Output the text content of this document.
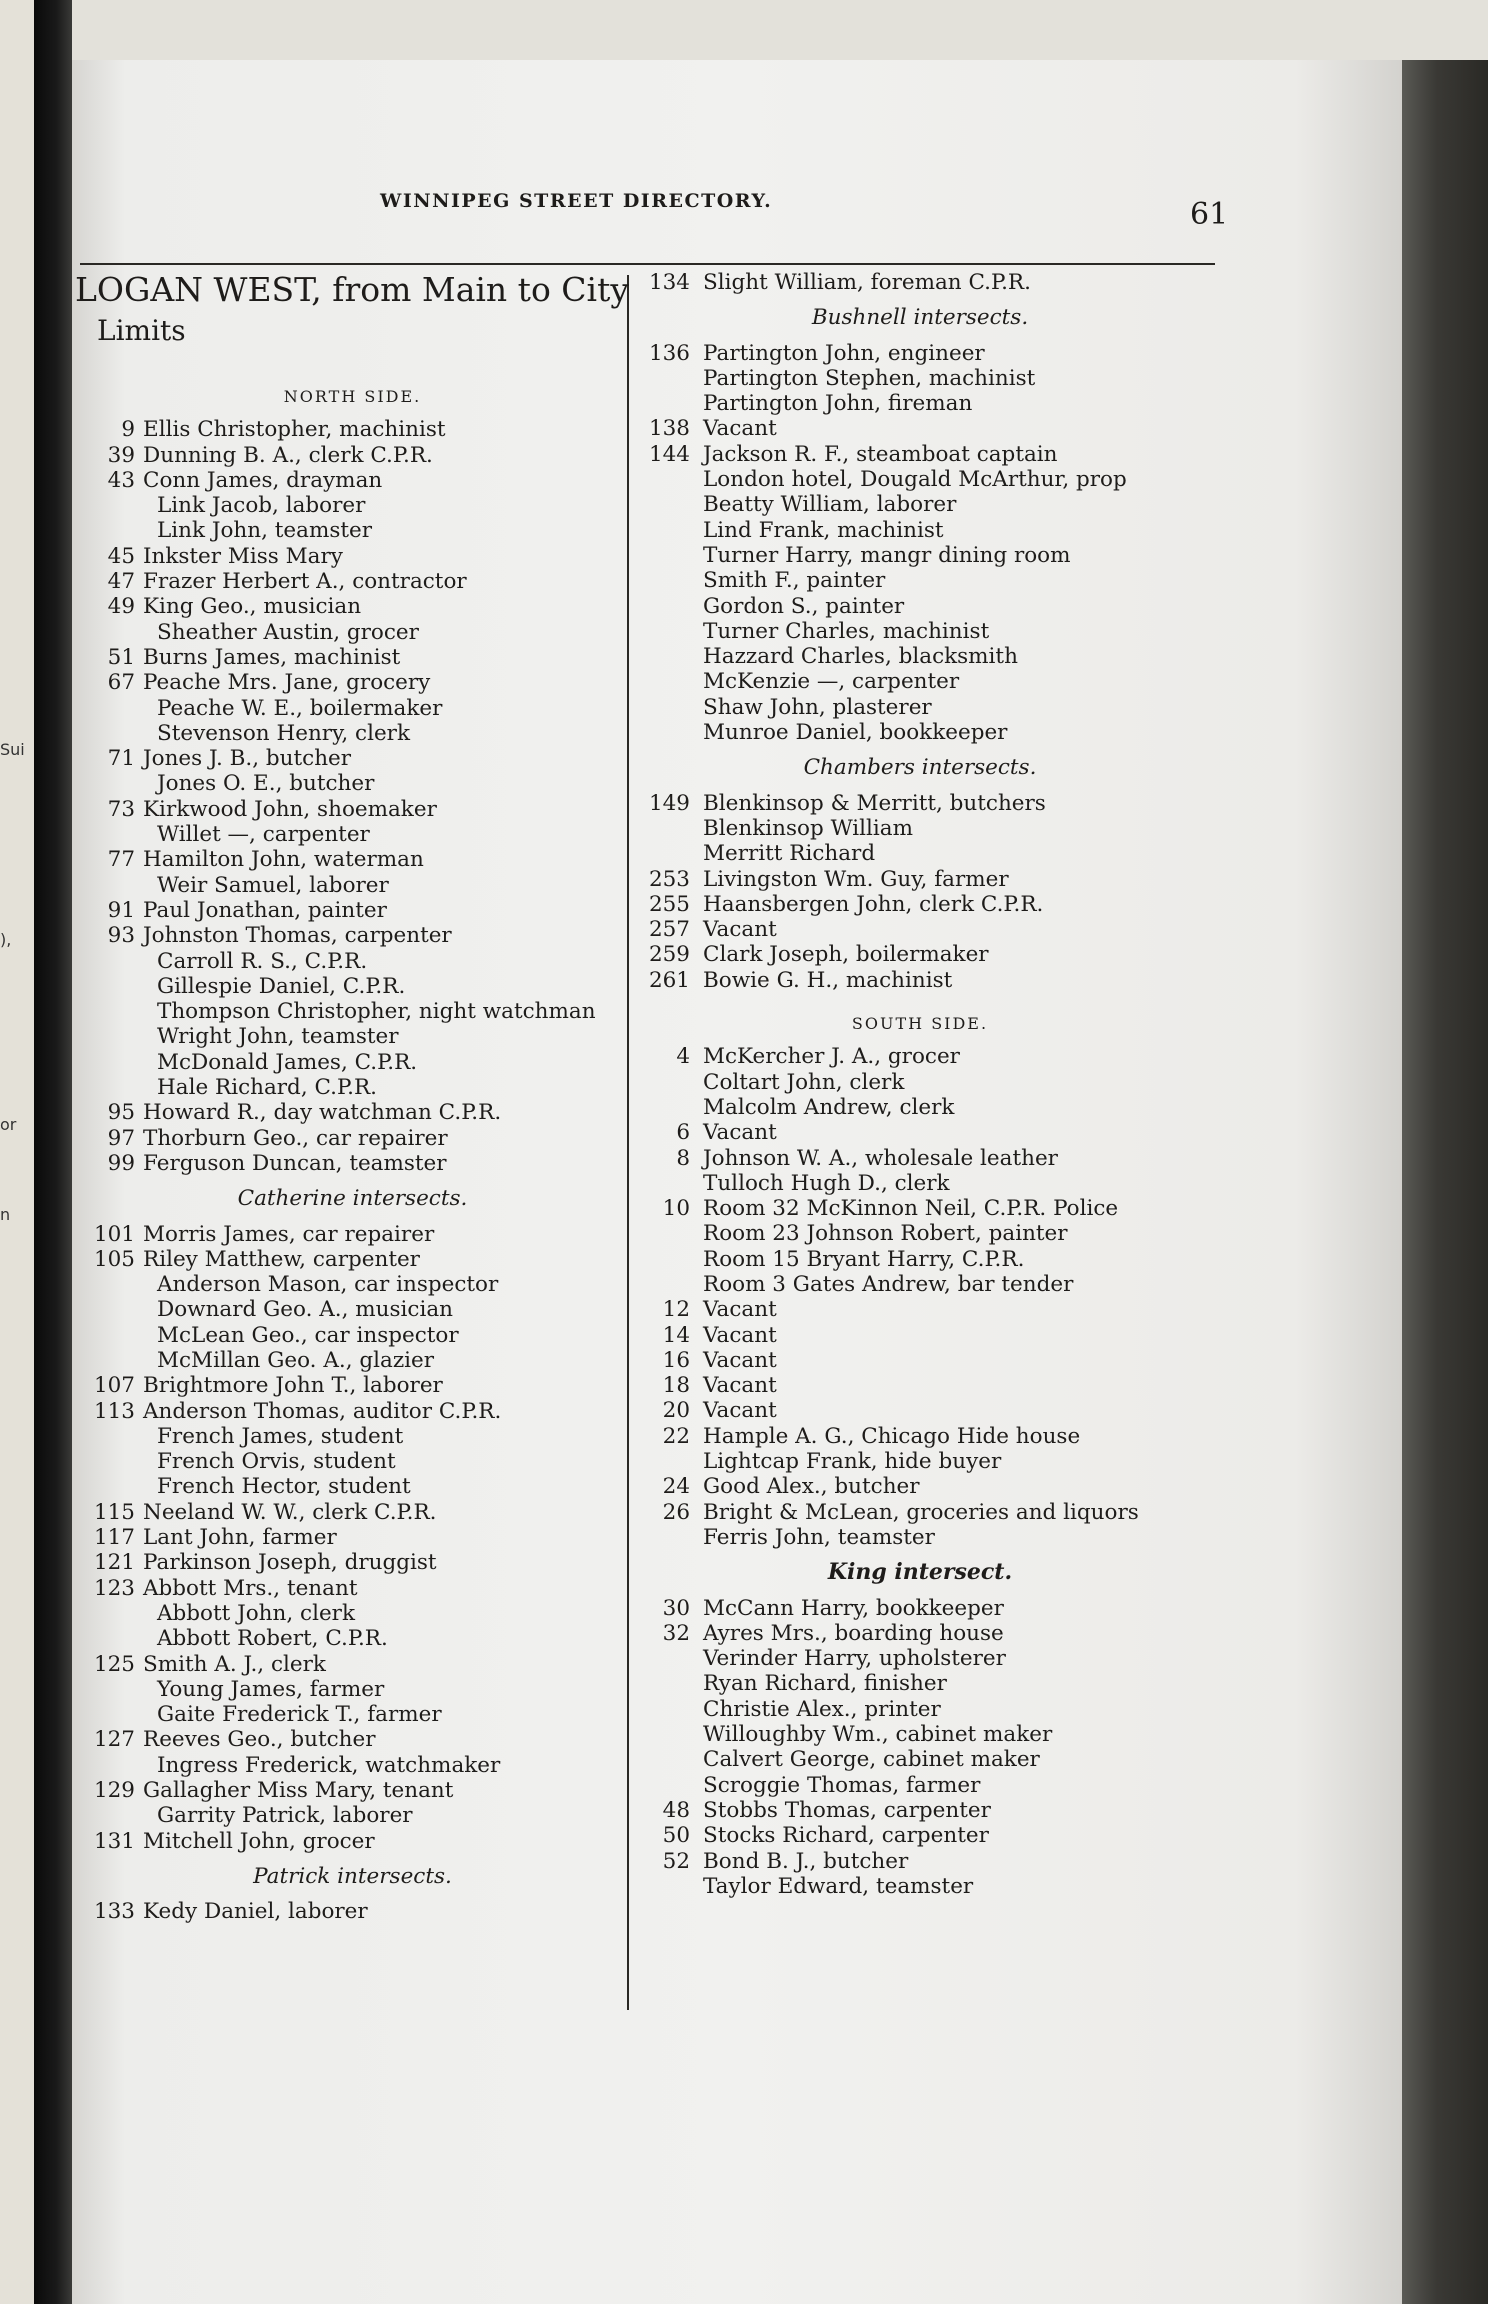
Sui
),
or
n
WINNIPEG STREET DIRECTORY.	61
LOGAN WEST, from Main to City
Limits
NORTH SIDE.
9 Ellis Christopher, machinist
39 Dunning B. A., clerk C.P.R.
43 Conn James, drayman
Link Jacob, laborer
Link John, teamster
45 Inkster Miss Mary
47 Frazer Herbert A., contractor
49 King Geo., musician
Sheather Austin, grocer
51 Burns James, machinist
67 Peache Mrs. Jane, grocery
Peache W. E., boilermaker
Stevenson Henry, clerk
71 Jones J. B., butcher
Jones O. E., butcher
73 Kirkwood John, shoemaker
Willet —, carpenter
77 Hamilton John, waterman
Weir Samuel, laborer
91 Paul Jonathan, painter
93 Johnston Thomas, carpenter
Carroll R. S., C.P.R.
Gillespie Daniel, C.P.R.
Thompson Christopher, night watchman
Wright John, teamster
McDonald James, C.P.R.
Hale Richard, C.P.R.
95 Howard R., day watchman C.P.R.
97 Thorburn Geo., car repairer
99 Ferguson Duncan, teamster
Catherine intersects.
101 Morris James, car repairer
105 Riley Matthew, carpenter
Anderson Mason, car inspector
Downard Geo. A., musician
McLean Geo., car inspector
McMillan Geo. A., glazier
107 Brightmore John T., laborer
113 Anderson Thomas, auditor C.P.R.
French James, student
French Orvis, student
French Hector, student
115 Neeland W. W., clerk C.P.R.
117 Lant John, farmer
121 Parkinson Joseph, druggist
123 Abbott Mrs., tenant
Abbott John, clerk
Abbott Robert, C.P.R.
125 Smith A. J., clerk
Young James, farmer
Gaite Frederick T., farmer
127 Reeves Geo., butcher
Ingress Frederick, watchmaker
129 Gallagher Miss Mary, tenant
Garrity Patrick, laborer
131 Mitchell John, grocer
Patrick intersects.
133 Kedy Daniel, laborer
134 Slight William, foreman C.P.R.
Bushnell intersects.
136 Partington John, engineer
Partington Stephen, machinist
Partington John, fireman
138 Vacant
144 Jackson R. F., steamboat captain
London hotel, Dougald McArthur, prop
Beatty William, laborer
Lind Frank, machinist
Turner Harry, mangr dining room
Smith F., painter
Gordon S., painter
Turner Charles, machinist
Hazzard Charles, blacksmith
McKenzie —, carpenter
Shaw John, plasterer
Munroe Daniel, bookkeeper
Chambers intersects.
149 Blenkinsop & Merritt, butchers
Blenkinsop William
Merritt Richard
253 Livingston Wm. Guy, farmer
255 Haansbergen John, clerk C.P.R.
257 Vacant
259 Clark Joseph, boilermaker
261 Bowie G. H., machinist
SOUTH SIDE.
4 McKercher J. A., grocer
Coltart John, clerk
Malcolm Andrew, clerk
6 Vacant
8 Johnson W. A., wholesale leather
Tulloch Hugh D., clerk
10 Room 32 McKinnon Neil, C.P.R. Police
Room 23 Johnson Robert, painter
Room 15 Bryant Harry, C.P.R.
Room 3 Gates Andrew, bar tender
12 Vacant
14 Vacant
16 Vacant
18 Vacant
20 Vacant
22 Hample A. G., Chicago Hide house
Lightcap Frank, hide buyer
24 Good Alex., butcher
26 Bright & McLean, groceries and liquors
Ferris John, teamster
King intersect.
30 McCann Harry, bookkeeper
32 Ayres Mrs., boarding house
Verinder Harry, upholsterer
Ryan Richard, finisher
Christie Alex., printer
Willoughby Wm., cabinet maker
Calvert George, cabinet maker
Scroggie Thomas, farmer
48 Stobbs Thomas, carpenter
50 Stocks Richard, carpenter
52 Bond B. J., butcher
Taylor Edward, teamster
